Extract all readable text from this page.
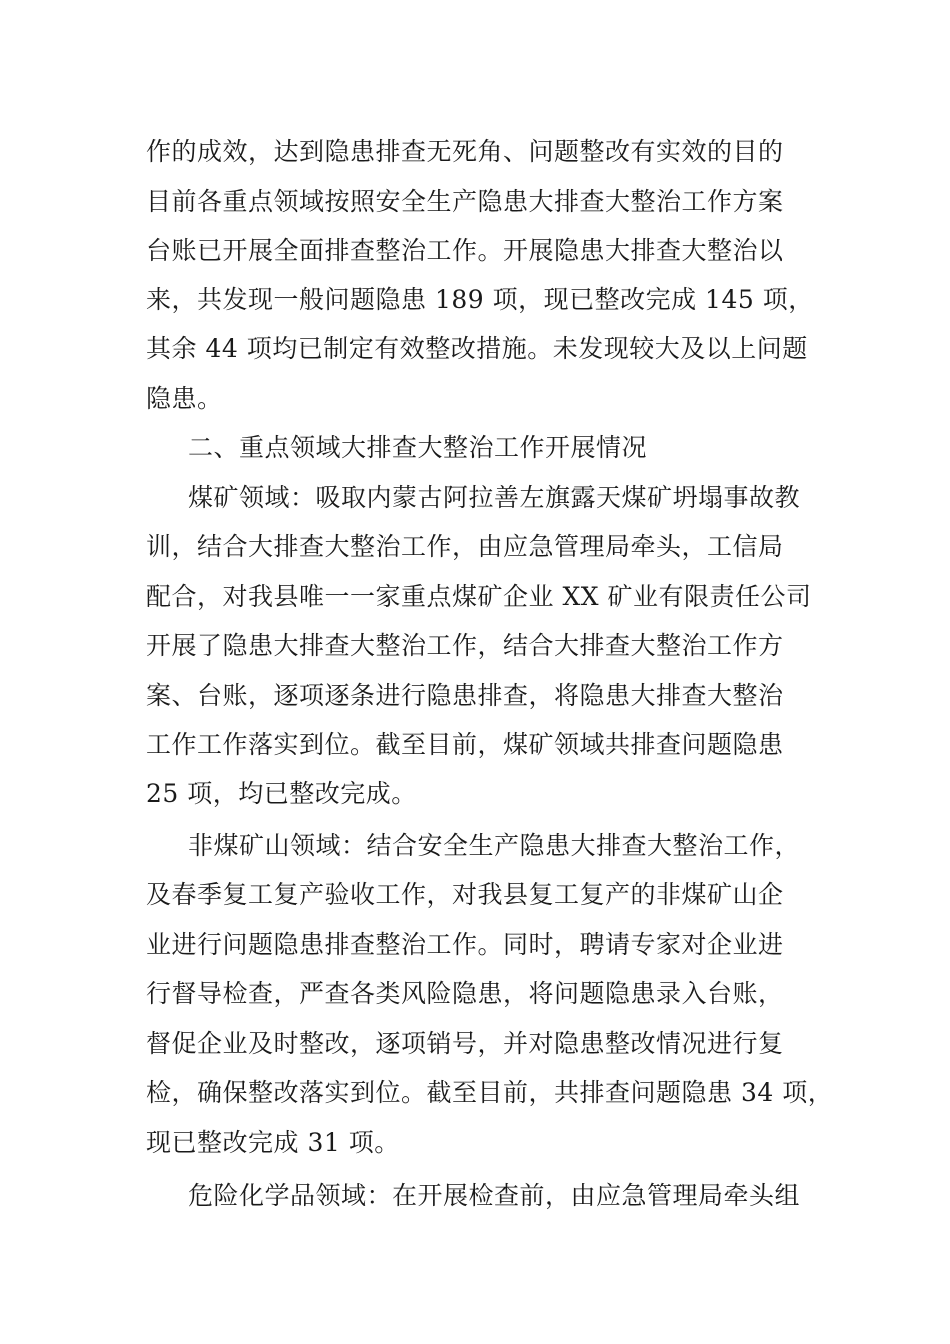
作的成效，达到隐患排查无死角、问题整改有实效的目的
目前各重点领域按照安全生产隐患大排查大整治工作方案
台账已开展全面排查整治工作。开展隐患大排查大整治以
来，共发现一般问题隐患 189 项，现已整改完成 145 项，
其余 44 项均已制定有效整改措施。未发现较大及以上问题
隐患。
二、重点领域大排查大整治工作开展情况
煤矿领域：吸取内蒙古阿拉善左旗露天煤矿坍塌事故教
训，结合大排查大整治工作，由应急管理局牵头，工信局
配合，对我县唯一一家重点煤矿企业 XX 矿业有限责任公司
开展了隐患大排查大整治工作，结合大排查大整治工作方
案、台账，逐项逐条进行隐患排查，将隐患大排查大整治
工作工作落实到位。截至目前，煤矿领域共排查问题隐患
25 项，均已整改完成。
非煤矿山领域：结合安全生产隐患大排查大整治工作，
及春季复工复产验收工作，对我县复工复产的非煤矿山企
业进行问题隐患排查整治工作。同时，聘请专家对企业进
行督导检查，严查各类风险隐患，将问题隐患录入台账，
督促企业及时整改，逐项销号，并对隐患整改情况进行复
检，确保整改落实到位。截至目前，共排查问题隐患 34 项，
现已整改完成 31 项。
危险化学品领域：在开展检查前，由应急管理局牵头组
